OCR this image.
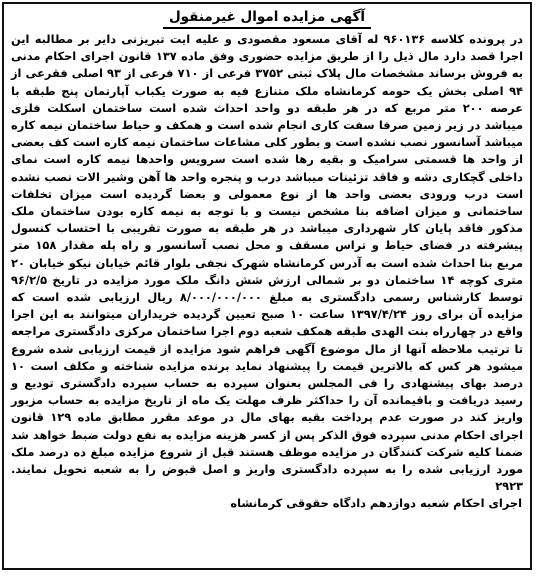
آگهی مزایده اموال غیرمنقول

در پرونده کلاسه ۹۶۰۱۳۶ له آقای مسعود مقصودی و علیه ایت تبریزنی دایر بر مطالبه این اجرا قصد دارد مال ذیل را از طریق مزایده حضوری وفق ماده ۱۳۷ قانون اجرای احکام مدنی به فروش برساند مشخصات مال پلاک ثبتی ۳۷۵۲ فرعی از ۷۱۰ فرعی از ۹۳ اصلی فقرعی از ۹۴ اصلی بخش یک حومه کرمانشاه ملک متنازع فیه به صورت یکباب آپارتمان پنج طبقه با عرصه ۲۰۰ متر مربع که در هر طبقه دو واحد احداث شده است ساختمان اسکلت فلزی میباشد در زیر زمین صرفا سفت کاری انجام شده است و همکف و حیاط ساختمان نیمه کاره میباشد آسانسور نصب نشده است و بطور کلی مشاعات ساختمان نیمه کاره است کف بعضی از واحد ها قسمتی سرامیک و بقیه رها شده است سرویس واحدها نیمه کاره است نمای داخلی گچکاری دشه و فاقد تزئینات میباشد درب و پنجره واحد ها آهن وشیر الات نصب نشده است درب ورودی بعضی واحد ها از نوع معمولی و بعضا گردیده است میزان تخلفات ساختمانی و میزان اضافه بنا مشخص نیست و با توجه به نیمه کاره بودن ساختمان ملک مذکور فاقد پایان کار شهرداری میباشد در هر طبقه به صورت تقریبی با احتساب کنسول پیشرفته در فضای حیاط و تراس مسقف و محل نصب آسانسور و راه پله مقدار ۱۵۸ متر مربع بنا احداث شده است به آدرس کرمانشاه شهرک نجفی بلوار قائم خیابان نیکو خیابان ۲۰ متری کوچه ۱۴ ساختمان دو بر شمالی ارزش شش دانگ ملک مورد مزایده در تاریخ ۹۶/۲/۵ توسط کارشناس رسمی دادگستری به مبلغ ۸/۰۰۰/۰۰۰/۰۰۰ ریال ارزیابی شده است که مزایده آن برای روز ۱۳۹۷/۴/۲۴ ساعت ۱۰ صبح تعیین گردیده خریداران میتوانند به این اجرا واقع در چهارراه بنت الهدی طبقه همکف شعبه دوم اجرا ساختمان مرکزی دادگستری مراجعه تا ترتیب ملاحظه آنها از مال موضوع آگهی فراهم شود مزایده از قیمت ارزیابی شده شروع میشود هر کس که بالاترین قیمت را پیشنهاد نماید برنده مزایده شناخته و مکلف است ۱۰ درصد بهای پیشنهادی را فی المجلس بعنوان سپرده به حساب سپرده دادگستری تودیع و رسید دریافت و باقیمانده آن را حداکثر ظرف مهلت یک ماه از تاریخ مزایده به حساب مزبور واریز کند در صورت عدم پرداخت بقیه بهای مال در موعد مقرر مطابق ماده ۱۲۹ قانون اجرای احکام مدنی سپرده فوق الذکر پس از کسر هزینه مزایده به نفع دولت ضبط خواهد شد ضمنا کلیه شرکت کنندگان در مزایده موظف هستند قبل از شروع مزایده مبلغ ده درصد ملک مورد ارزیابی شده را به سپرده دادگستری واریز و اصل قبوض را به شعبه تحویل نمایند. ۲۹۲۳

اجرای احکام شعبه دوازدهم دادگاه حقوقی کرمانشاه
